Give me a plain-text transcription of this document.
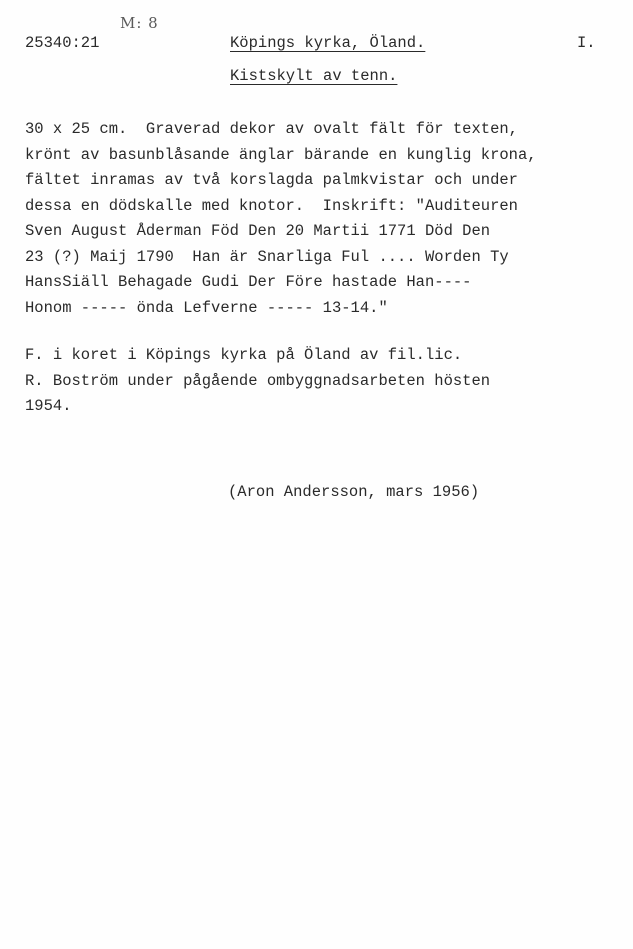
M: 8
25340:21	Köpings kyrka, Öland.	I.
Kistskylt av tenn.
30 x 25 cm.  Graverad dekor av ovalt fält för texten,
krönt av basunblåsande änglar bärande en kunglig krona,
fältet inramas av två korslagda palmkvistar och under
dessa en dödskalle med knotor.  Inskrift: "Auditeuren
Sven August Åderman Föd Den 20 Martii 1771 Död Den
23 (?) Maij 1790  Han är Snarliga Ful .... Worden Ty
HansSiäll Behagade Gudi Der Före hastade Han----
Honom ----- önda Lefverne ----- 13-14."
F. i koret i Köpings kyrka på Öland av fil.lic.
R. Boström under pågående ombyggnadsarbeten hösten
1954.
(Aron Andersson, mars 1956)
